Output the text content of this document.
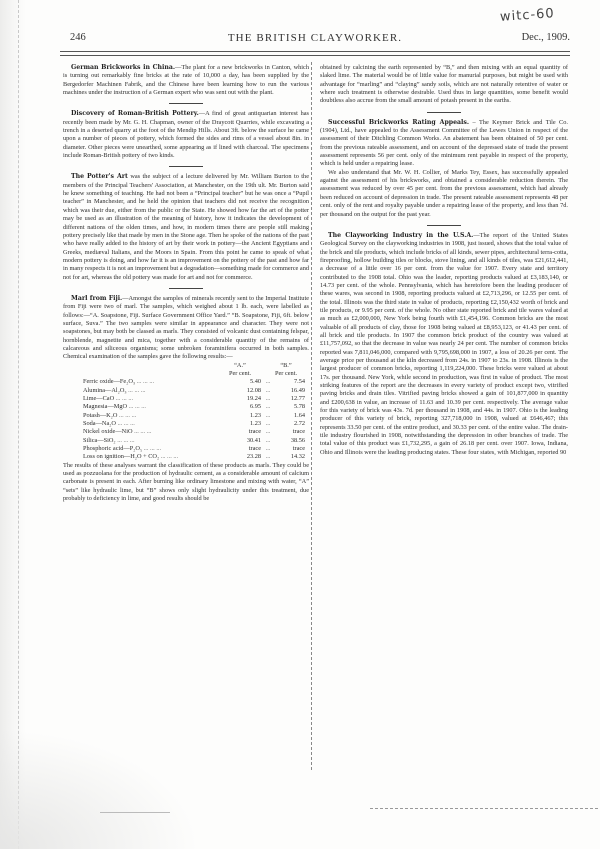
witc-60
246	THE BRITISH CLAYWORKER.	Dec., 1909.

German Brickworks in China.—The plant for a new brickworks in Canton, which is turning out remarkably fine bricks at the rate of 10,000 a day, has been supplied by the Bergedorfer Machinen Fabrik, and the Chinese have been learning how to run the various machines under the instruction of a German expert who was sent out with the plant.

Discovery of Roman-British Pottery.—A find of great antiquarian interest has recently been made by Mr. G. H. Chapman, owner of the Draycott Quarries, while excavating a trench in a deserted quarry at the foot of the Mendip Hills. About 3ft. below the surface he came upon a number of pieces of pottery, which formed the sides and rims of a vessel about 8in. in diameter. Other pieces were unearthed, some appearing as if lined with charcoal. The specimens include Roman-British pottery of two kinds.

The Potter's Art was the subject of a lecture delivered by Mr. William Burton to the members of the Principal Teachers' Association, at Manchester, on the 19th ult. Mr. Burton said he knew something of teaching. He had not been a “Principal teacher” but he was once a “Pupil teacher” in Manchester, and he held the opinion that teachers did not receive the recognition which was their due, either from the public or the State. He showed how far the art of the potter may be used as an illustration of the meaning of history, how it indicates the development of different nations of the olden times, and how, in modern times there are people still making pottery precisely like that made by men in the Stone age. Then he spoke of the nations of the past who have really added to the history of art by their work in pottery—the Ancient Egyptians and Greeks, mediæval Italians, and the Moors in Spain. From this point he came to speak of what modern pottery is doing, and how far it is an improvement on the pottery of the past and how far in many respects it is not an improvement but a degradation—something made for commerce and not for art, whereas the old pottery was made for art and not for commerce.

Marl from Fiji.—Amongst the samples of minerals recently sent to the Imperial Institute from Fiji were two of marl. The samples, which weighed about 1 lb. each, were labelled as follows:—“A. Soapstone, Fiji. Surface Government Office Yard.” “B. Soapstone, Fiji, 6ft. below surface, Suva.” The two samples were similar in appearance and character. They were not soapstones, but may both be classed as marls. They consisted of volcanic dust containing felspar, hornblende, magnetite and mica, together with a considerable quantity of the remains of calcareous and siliceous organisms; some unbroken foraminifera occurred in both samples. Chemical examination of the samples gave the following results:—

“A.”	“B.”
Per cent.	Per cent.
Ferric oxide—Fe₂O₃ ... ... ...	5.40 ...	7.54
Alumina—Al₂O₃ ... ... ...	12.08 ...	16.49
Lime—CaO ... ... ...	19.24 ...	12.77
Magnesia—MgO ... ... ...	6.95 ...	5.78
Potash—K₂O ... ... ...	1.23 ...	1.64
Soda—Na₂O ... ... ...	1.23 ...	2.72
Nickel oxide—NiO ... ... ...	trace ...	trace
Silica—SiO₂ ... ... ...	30.41 ...	38.56
Phosphoric acid—P₂O₅ ... ... ...	trace ...	trace
Loss on ignition—H₂O + CO₂ ... ... ...	23.28 ...	14.32

The results of these analyses warrant the classification of these products as marls. They could be used as pozzuolana for the production of hydraulic cement, as a considerable amount of calcium carbonate is present in each. After burning like ordinary limestone and mixing with water, “A” “sets” like hydraulic lime, but “B” shows only slight hydraulicity under this treatment, due probably to deficiency in lime, and good results should be

obtained by calcining the earth represented by “B,” and then mixing with an equal quantity of slaked lime. The material would be of little value for manurial purposes, but might be used with advantage for “marling” and “claying” sandy soils, which are not naturally retentive of water or where such treatment is otherwise desirable. Used thus in large quantities, some benefit would doubtless also accrue from the small amount of potash present in the earths.

Successful Brickworks Rating Appeals. – The Keymer Brick and Tile Co. (1904), Ltd., have appealed to the Assessment Committee of the Lewes Union in respect of the assessment of their Ditchling Common Works. An abatement has been obtained of 50 per cent. from the previous rateable assessment, and on account of the depressed state of trade the present assessment represents 56 per cent. only of the minimum rent payable in respect of the property, which is held under a repairing lease.

We also understand that Mr. W. H. Collier, of Marks Tey, Essex, has successfully appealed against the assessment of his brickworks, and obtained a considerable reduction therein. The assessment was reduced by over 45 per cent. from the previous assessment, which had already been reduced on account of depression in trade. The present rateable assessment represents 48 per cent. only of the rent and royalty payable under a repairing lease of the property, and less than 7d. per thousand on the output for the past year.

The Clayworking Industry in the U.S.A.—The report of the United States Geological Survey on the clayworking industries in 1908, just issued, shows that the total value of the brick and tile products, which include bricks of all kinds, sewer pipes, architectural terra-cotta, fireproofing, hollow building tiles or blocks, stove lining, and all kinds of tiles, was £21,612,441, a decrease of a little over 16 per cent. from the value for 1907. Every state and territory contributed to the 1908 total. Ohio was the leader, reporting products valued at £3,183,140, or 14.73 per cent. of the whole. Pennsylvania, which has heretofore been the leading producer of these wares, was second in 1908, reporting products valued at £2,713,296, or 12.55 per cent. of the total. Illinois was the third state in value of products, reporting £2,150,432 worth of brick and tile products, or 9.95 per cent. of the whole. No other state reported brick and tile wares valued at as much as £2,000,000, New York being fourth with £1,454,196. Common bricks are the most valuable of all products of clay, those for 1908 being valued at £8,953,123, or 41.43 per cent. of all brick and tile products. In 1907 the common brick product of the country was valued at £11,757,092, so that the decrease in value was nearly 24 per cent. The number of common bricks reported was 7,811,046,000, compared with 9,795,698,000 in 1907, a loss of 20.26 per cent. The average price per thousand at the kiln decreased from 24s. in 1907 to 23s. in 1908. Illinois is the largest producer of common bricks, reporting 1,119,224,000. These bricks were valued at about 17s. per thousand. New York, while second in production, was first in value of product. The most striking features of the report are the decreases in every variety of product except two, vitrified paving bricks and drain tiles. Vitrified paving bricks showed a gain of 101,877,000 in quantity and £200,638 in value, an increase of 11.63 and 10.39 per cent. respectively. The average value for this variety of brick was 43s. 7d. per thousand in 1908, and 44s. in 1907. Ohio is the leading producer of this variety of brick, reporting 327,718,000 in 1908, valued at £646,467; this represents 33.50 per cent. of the entire product, and 30.33 per cent. of the entire value. The drain-tile industry flourished in 1908, notwithstanding the depression in other branches of trade. The total value of this product was £1,732,295, a gain of 26.18 per cent. over 1907. Iowa, Indiana, Ohio and Illinois were the leading producing states. These four states, with Michigan, reported 90
